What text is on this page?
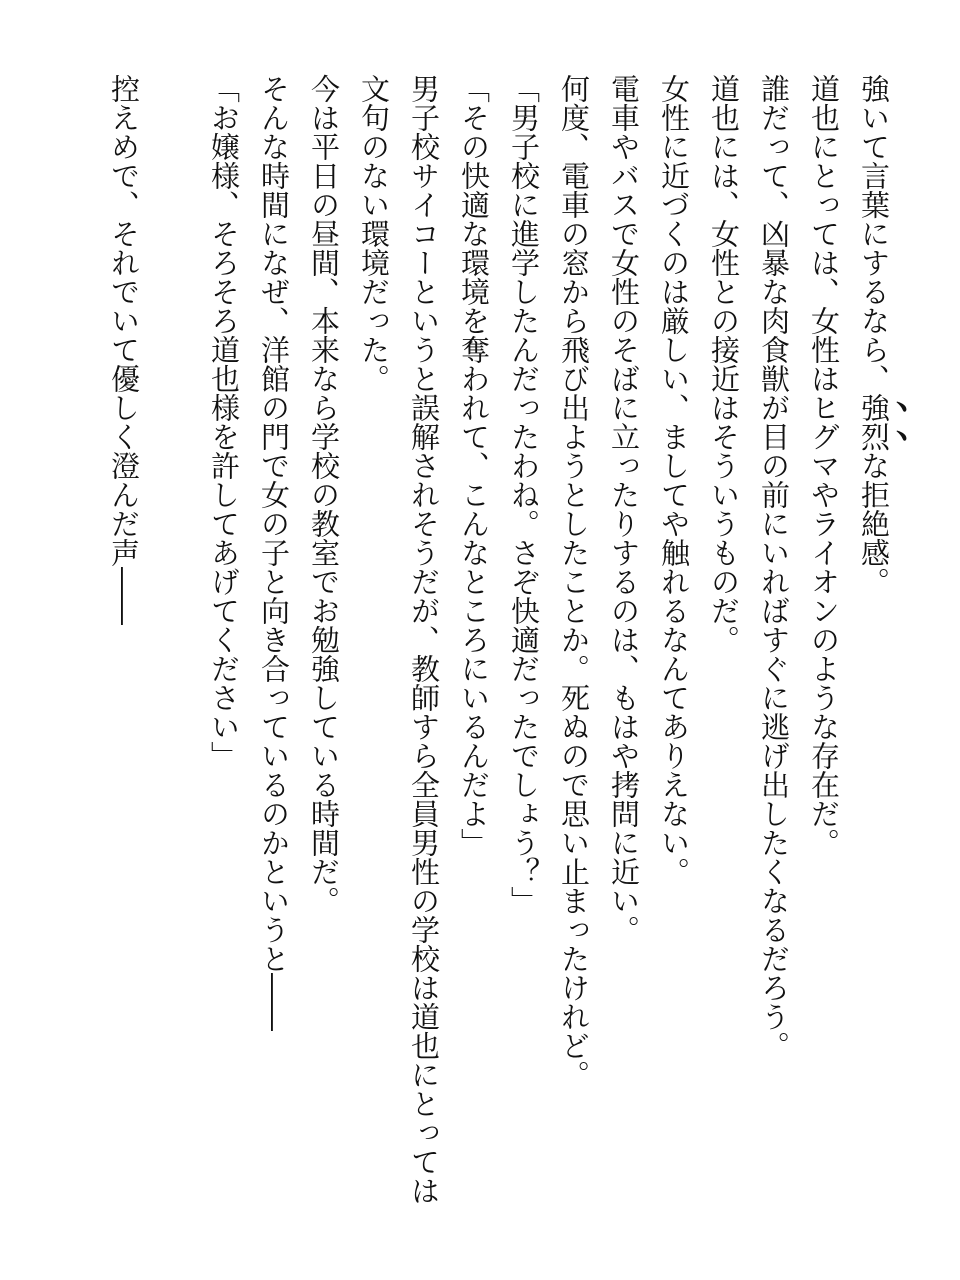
強いて言葉にするなら、強烈な拒絶感。
道也にとっては、女性はヒグマやライオンのような存在だ。
誰だって、凶暴な肉食獣が目の前にいればすぐに逃げ出したくなるだろう。
道也には、女性との接近はそういうものだ。
女性に近づくのは厳しい、ましてや触れるなんてありえない。
電車やバスで女性のそばに立ったりするのは、もはや拷問に近い。
何度、電車の窓から飛び出ようとしたことか。死ぬので思い止まったけれど。
「男子校に進学したんだったわね。さぞ快適だったでしょう？」
「その快適な環境を奪われて、こんなところにいるんだよ」
男子校サイコーというと誤解されそうだが、教師すら全員男性の学校は道也にとっては
文句のない環境だった。
今は平日の昼間、本来なら学校の教室でお勉強している時間だ。
そんな時間になぜ、洋館の門で女の子と向き合っているのかというと――
「お嬢様、そろそろ道也様を許してあげてください」

控えめで、それでいて優しく澄んだ声――
